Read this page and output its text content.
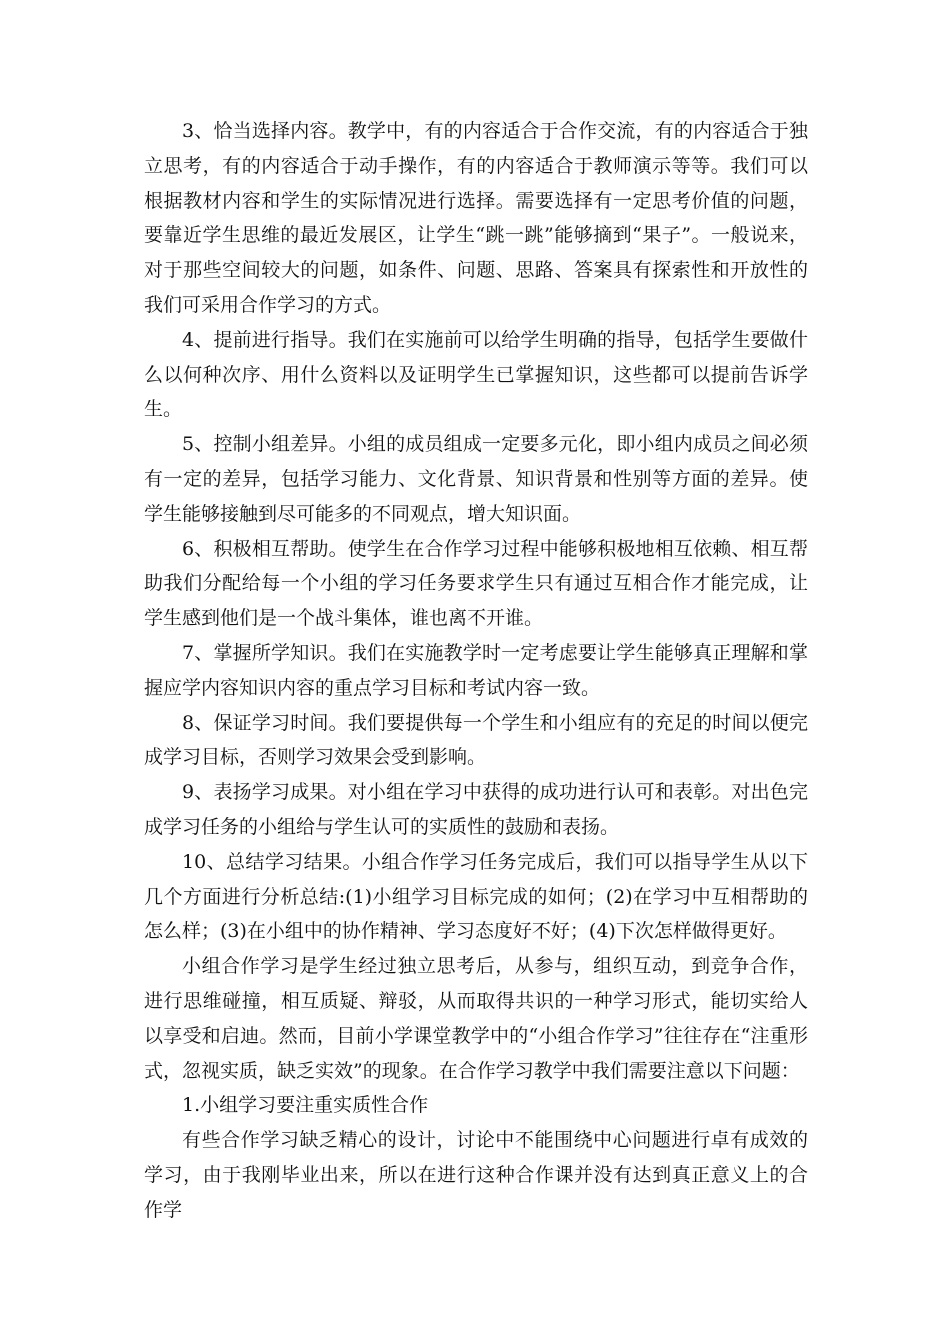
3、恰当选择内容。教学中，有的内容适合于合作交流，有的内容适合于独立思考，有的内容适合于动手操作，有的内容适合于教师演示等等。我们可以根据教材内容和学生的实际情况进行选择。需要选择有一定思考价值的问题，要靠近学生思维的最近发展区，让学生“跳一跳”能够摘到“果子”。一般说来，对于那些空间较大的问题，如条件、问题、思路、答案具有探索性和开放性的我们可采用合作学习的方式。

4、提前进行指导。我们在实施前可以给学生明确的指导，包括学生要做什么以何种次序、用什么资料以及证明学生已掌握知识，这些都可以提前告诉学生。

5、控制小组差异。小组的成员组成一定要多元化，即小组内成员之间必须有一定的差异，包括学习能力、文化背景、知识背景和性别等方面的差异。使学生能够接触到尽可能多的不同观点，增大知识面。

6、积极相互帮助。使学生在合作学习过程中能够积极地相互依赖、相互帮助我们分配给每一个小组的学习任务要求学生只有通过互相合作才能完成，让学生感到他们是一个战斗集体，谁也离不开谁。

7、掌握所学知识。我们在实施教学时一定考虑要让学生能够真正理解和掌握应学内容知识内容的重点学习目标和考试内容一致。

8、保证学习时间。我们要提供每一个学生和小组应有的充足的时间以便完成学习目标，否则学习效果会受到影响。

9、表扬学习成果。对小组在学习中获得的成功进行认可和表彰。对出色完成学习任务的小组给与学生认可的实质性的鼓励和表扬。

10、总结学习结果。小组合作学习任务完成后，我们可以指导学生从以下几个方面进行分析总结:(1)小组学习目标完成的如何；(2)在学习中互相帮助的怎么样；(3)在小组中的协作精神、学习态度好不好；(4)下次怎样做得更好。

小组合作学习是学生经过独立思考后，从参与，组织互动，到竞争合作，进行思维碰撞，相互质疑、辩驳，从而取得共识的一种学习形式，能切实给人以享受和启迪。然而，目前小学课堂教学中的“小组合作学习”往往存在“注重形式，忽视实质，缺乏实效”的现象。在合作学习教学中我们需要注意以下问题：

1.小组学习要注重实质性合作

有些合作学习缺乏精心的设计，讨论中不能围绕中心问题进行卓有成效的学习，由于我刚毕业出来，所以在进行这种合作课并没有达到真正意义上的合作学
